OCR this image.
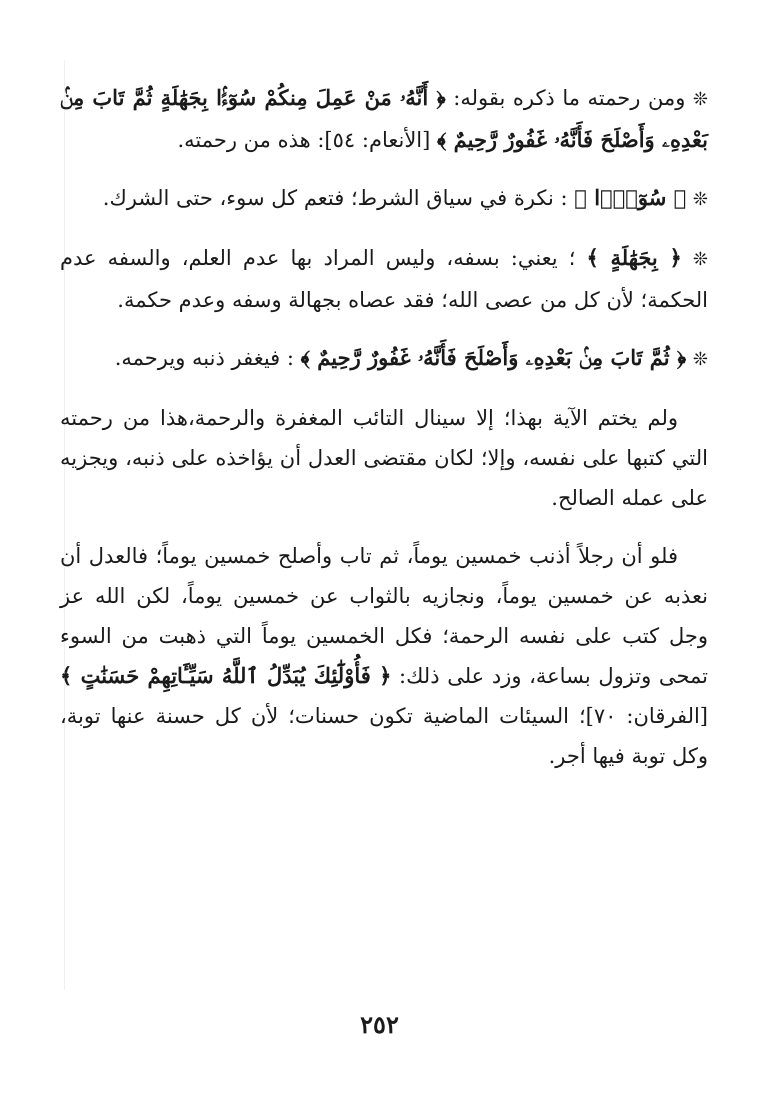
❊ ومن رحمته ما ذكره بقوله: ﴿ أَنَّهُۥ مَنْ عَمِلَ مِنكُمْ سُوٓءًۢا بِجَهَٰلَةٍ ثُمَّ تَابَ مِنۢ بَعْدِهِۦ وَأَصْلَحَ فَأَنَّهُۥ غَفُورٌ رَّحِيمٌ ﴾ [الأنعام: ٥٤]: هذه من رحمته.

❊ ﴿ سُوٓءًۢا ﴾ : نكرة في سياق الشرط؛ فتعم كل سوء، حتى الشرك.

❊ ﴿ بِجَهَٰلَةٍ ﴾ ؛ يعني: بسفه، وليس المراد بها عدم العلم، والسفه عدم الحكمة؛ لأن كل من عصى الله؛ فقد عصاه بجهالة وسفه وعدم حكمة.

❊ ﴿ ثُمَّ تَابَ مِنۢ بَعْدِهِۦ وَأَصْلَحَ فَأَنَّهُۥ غَفُورٌ رَّحِيمٌ ﴾ : فيغفر ذنبه ويرحمه.

ولم يختم الآية بهذا؛ إلا سينال التائب المغفرة والرحمة،هذا من رحمته التي كتبها على نفسه، وإلا؛ لكان مقتضى العدل أن يؤاخذه على ذنبه، ويجزيه على عمله الصالح.

فلو أن رجلاً أذنب خمسين يوماً، ثم تاب وأصلح خمسين يوماً؛ فالعدل أن نعذبه عن خمسين يوماً، ونجازيه بالثواب عن خمسين يوماً، لكن الله عز وجل كتب على نفسه الرحمة؛ فكل الخمسين يوماً التي ذهبت من السوء تمحى وتزول بساعة، وزد على ذلك: ﴿ فَأُوْلَٰٓئِكَ يُبَدِّلُ ٱللَّهُ سَيِّـَٔاتِهِمْ حَسَنَٰتٍ ﴾ [الفرقان: ٧٠]؛ السيئات الماضية تكون حسنات؛ لأن كل حسنة عنها توبة، وكل توبة فيها أجر.

٢٥٢
